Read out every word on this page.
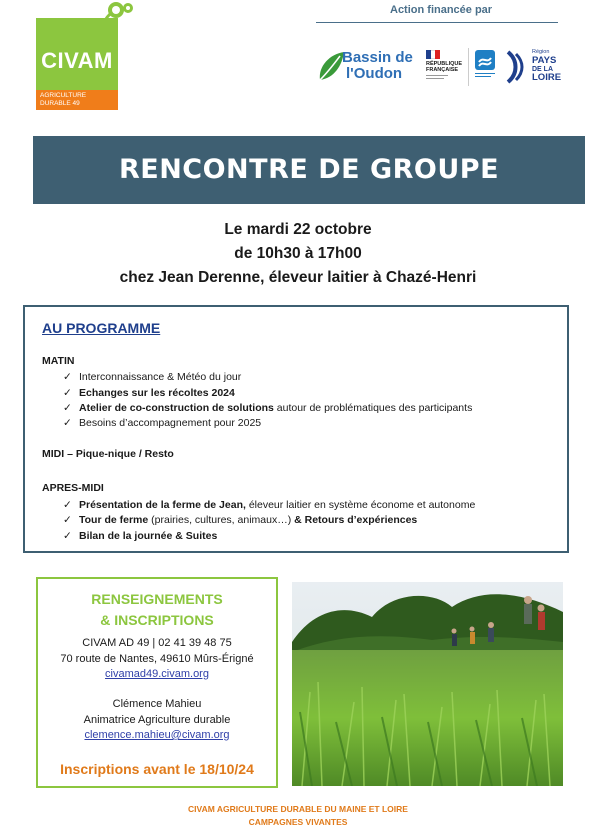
CIVAM
AGRICULTURE
DURABLE 49
Action financée par
Bassin de
l'Oudon
RÉPUBLIQUE
FRANÇAISE
Région
PAYS
DE LA
LOIRE
RENCONTRE DE GROUPE
Le mardi 22 octobre
de 10h30 à 17h00
chez Jean Derenne, éleveur laitier à Chazé-Henri
AU PROGRAMME
MATIN
✓ Interconnaissance & Météo du jour
✓ Echanges sur les récoltes 2024
✓ Atelier de co-construction de solutions autour de problématiques des participants
✓ Besoins d’accompagnement pour 2025
MIDI – Pique-nique / Resto
APRES-MIDI
✓ Présentation de la ferme de Jean, éleveur laitier en système économe et autonome
✓ Tour de ferme (prairies, cultures, animaux…) & Retours d’expériences
✓ Bilan de la journée & Suites
RENSEIGNEMENTS
& INSCRIPTIONS
CIVAM AD 49 | 02 41 39 48 75
70 route de Nantes, 49610 Mûrs-Érigné
civamad49.civam.org
Clémence Mahieu
Animatrice Agriculture durable
clemence.mahieu@civam.org
Inscriptions avant le 18/10/24
CIVAM AGRICULTURE DURABLE DU MAINE ET LOIRE
CAMPAGNES VIVANTES
